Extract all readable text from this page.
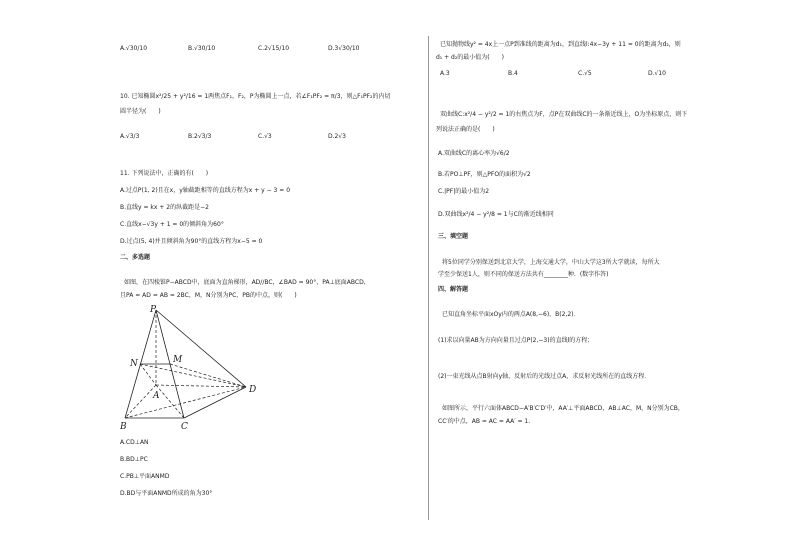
A.√30/10	B.√30/10	C.2√15/10	D.3√30/10
10. 已知椭圆x²/25 + y²/16 = 1两焦点F₁，F₂，P为椭圆上一点，若∠F₁PF₂ = π/3，则△F₁PF₂的内切
圆半径为(　　)
A.√3/3	B.2√3/3	C.√3	D.2√3
11. 下列说法中，正确的有(　　)
A.过点P(1, 2)且在x，y轴截距相等的直线方程为x + y − 3 = 0
B.直线y = kx + 2的纵截距是−2
C.直线x−√3y + 1 = 0的倾斜角为60°
D.过点(5, 4)并且倾斜角为90°的直线方程为x−5 = 0
二、多选题
如图，在四棱锥P−ABCD中，底面为直角梯形，AD//BC，∠BAD = 90°，PA⊥底面ABCD,
且PA = AD = AB = 2BC，M，N分别为PC，PB的中点，则(　　)
P
N	M
A
D
B	C
A.CD⊥AN
B.BD⊥PC
C.PB⊥平面ANMD
D.BD与平面ANMD所成的角为30°
已知抛物线y² = 4x上一点P到准线的距离为d₁，到直线l:4x−3y + 11 = 0的距离为d₂，则
d₁ + d₂的最小值为(　　)
A.3	B.4	C.√5	D.√10
双曲线C:x²/4 − y²/2 = 1的右焦点为F，点P在双曲线C的一条渐近线上，O为坐标原点，则下
列说法正确的是(　　)
A.双曲线C的离心率为√6/2
B.若PO⊥PF，则△PFO的面积为√2
C.|PF|的最小值为2
D.双曲线x²/4 − y²/8 = 1与C的渐近线相同
三、填空题
将5位同学分别保送到北京大学，上海交通大学，中山大学这3所大学就读，每所大
学至少保送1人，则不同的保送方法共有________种．(数字作答)
四、解答题
已知直角坐标平面xOy内的两点A(8,−6)，B(2,2)．
(1)求以向量AB为方向向量且过点P(2,−3)的直线l的方程；
(2)一束光线从点B射向y轴，反射后的光线过点A，求反射光线所在的直线方程．
如图所示，平行六面体ABCD−A′B′C′D′中，AA′⊥平面ABCD，AB⊥AC，M，N分别为CB，
CC′的中点，AB = AC = AA′ = 1.
